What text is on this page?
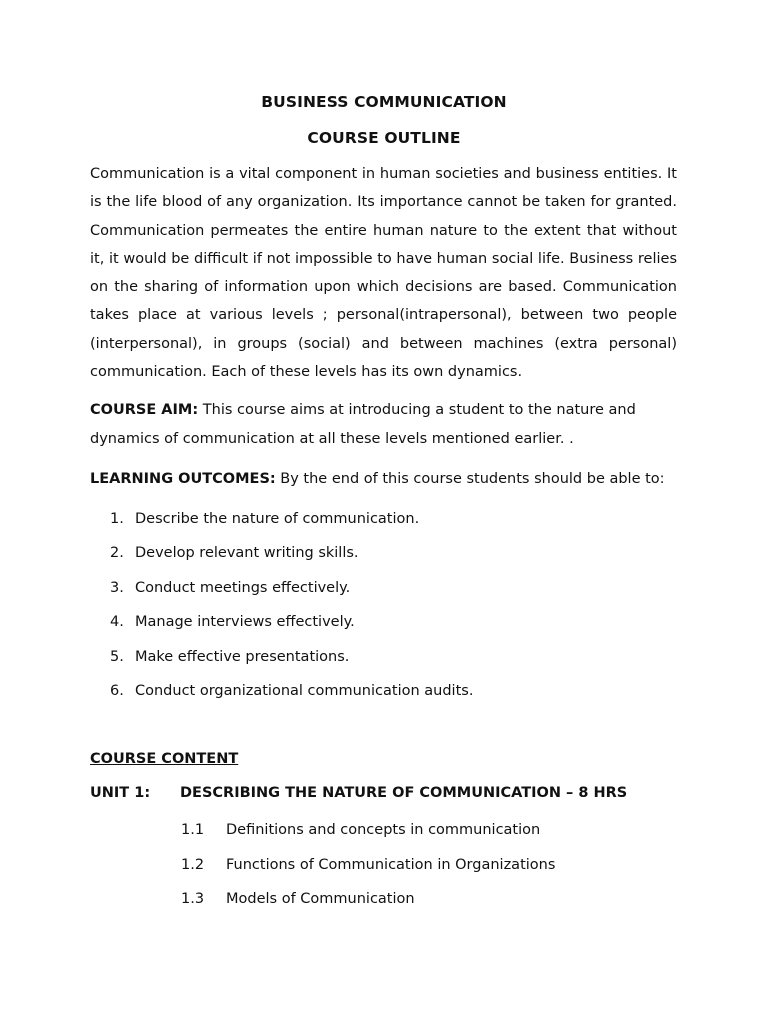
BUSINESS COMMUNICATION
COURSE OUTLINE

Communication is a vital component in human societies and business entities. It is the life blood of any organization. Its importance cannot be taken for granted. Communication permeates the entire human nature to the extent that without it, it would be difficult if not impossible to have human social life. Business relies on the sharing of information upon which decisions are based. Communication takes place at various levels ; personal(intrapersonal), between two people (interpersonal), in groups (social) and between machines (extra personal) communication. Each of these levels has its own dynamics.

COURSE AIM: This course aims at introducing a student to the nature and dynamics of communication at all these levels mentioned earlier. .

LEARNING OUTCOMES: By the end of this course students should be able to:

1. Describe the nature of communication.
2. Develop relevant writing skills.
3. Conduct meetings effectively.
4. Manage interviews effectively.
5. Make effective presentations.
6. Conduct organizational communication audits.
COURSE CONTENT
UNIT 1: DESCRIBING THE NATURE OF COMMUNICATION – 8 HRS
1.1 Definitions and concepts in communication
1.2 Functions of Communication in Organizations
1.3 Models of Communication
